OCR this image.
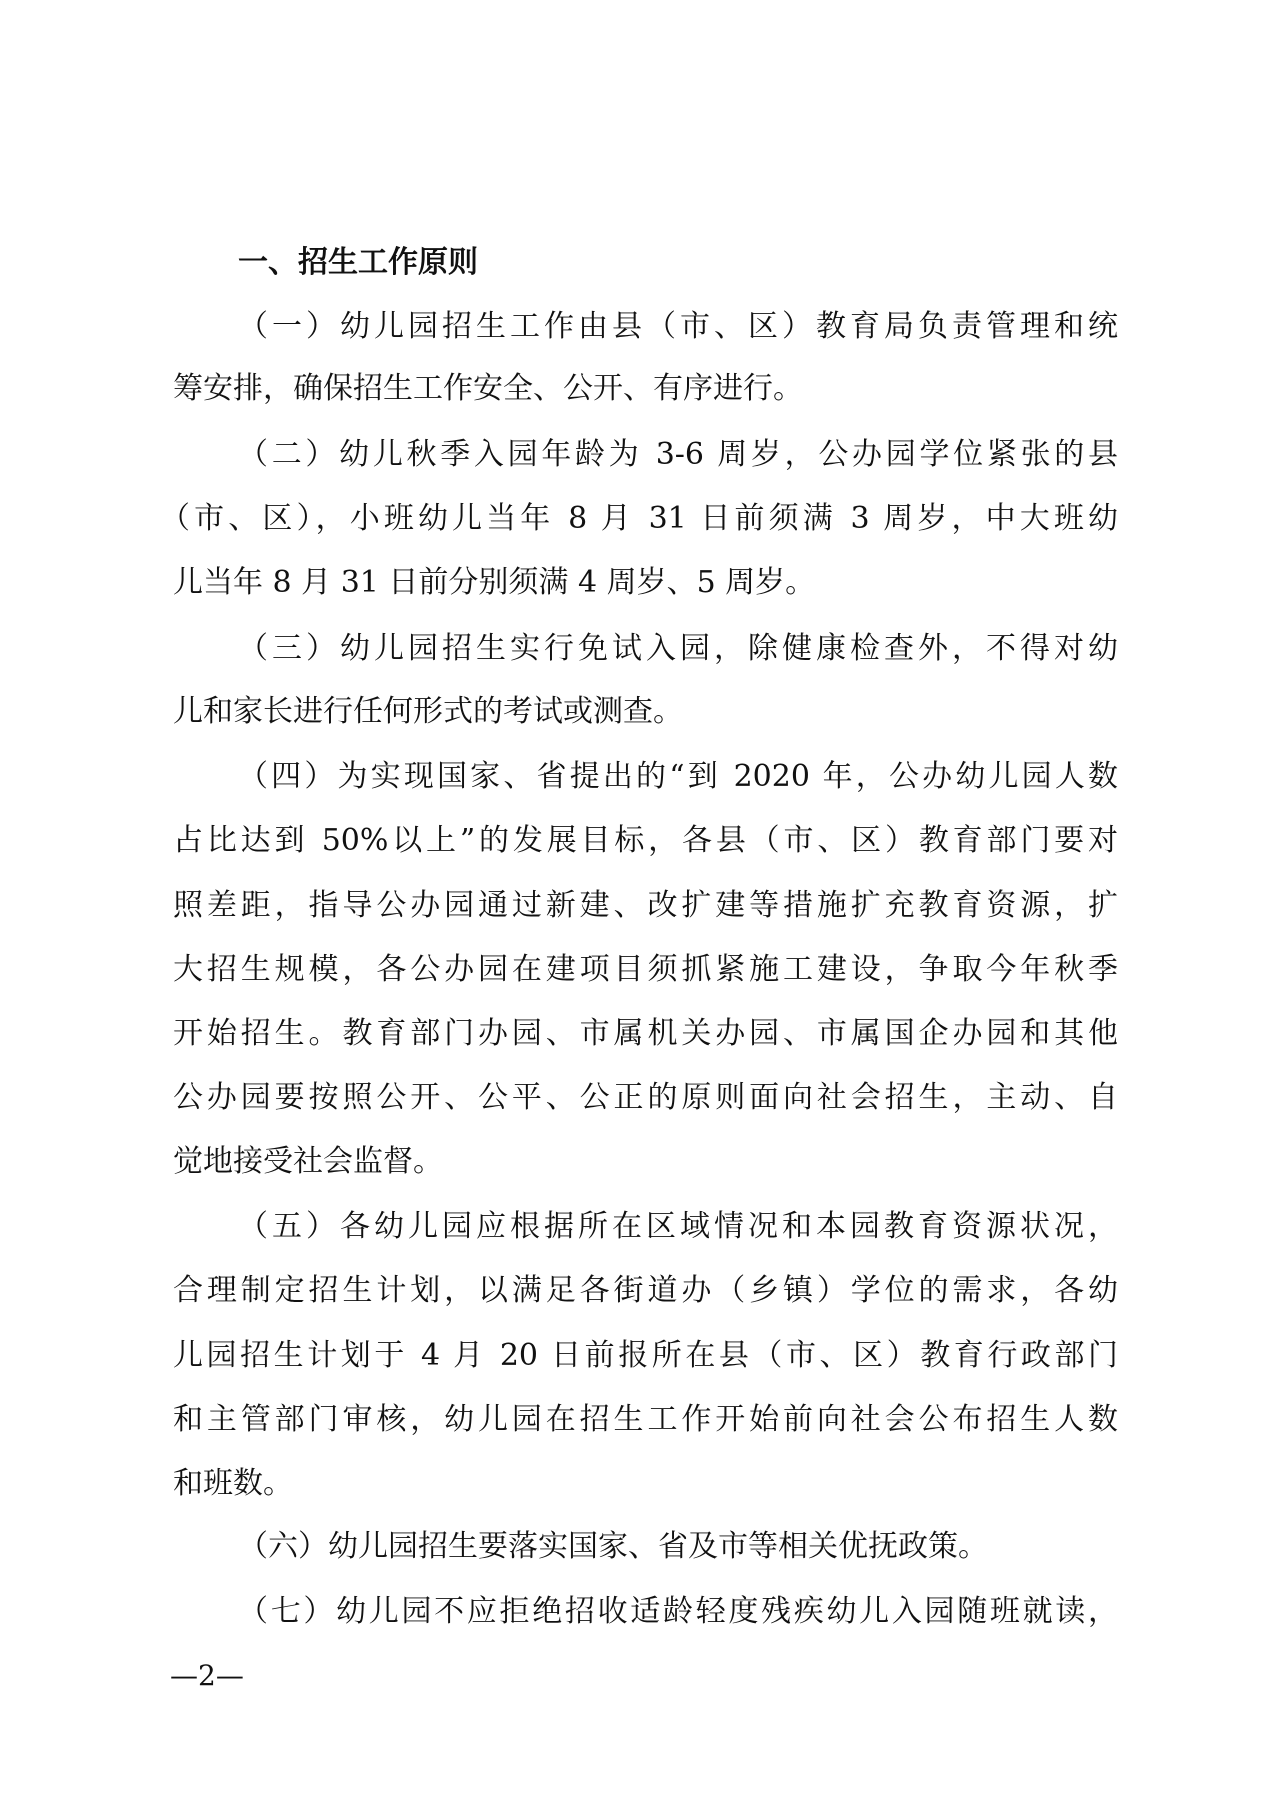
一、招生工作原则
（一）幼儿园招生工作由县（市、区）教育局负责管理和统
筹安排，确保招生工作安全、公开、有序进行。
（二）幼儿秋季入园年龄为 3-6 周岁，公办园学位紧张的县
（市、区），小班幼儿当年 8 月 31 日前须满 3 周岁，中大班幼
儿当年 8 月 31 日前分别须满 4 周岁、5 周岁。
（三）幼儿园招生实行免试入园，除健康检查外，不得对幼
儿和家长进行任何形式的考试或测查。
（四）为实现国家、省提出的“到 2020 年，公办幼儿园人数
占比达到 50%以上”的发展目标，各县（市、区）教育部门要对
照差距，指导公办园通过新建、改扩建等措施扩充教育资源，扩
大招生规模，各公办园在建项目须抓紧施工建设，争取今年秋季
开始招生。教育部门办园、市属机关办园、市属国企办园和其他
公办园要按照公开、公平、公正的原则面向社会招生，主动、自
觉地接受社会监督。
（五）各幼儿园应根据所在区域情况和本园教育资源状况，
合理制定招生计划，以满足各街道办（乡镇）学位的需求，各幼
儿园招生计划于 4 月 20 日前报所在县（市、区）教育行政部门
和主管部门审核，幼儿园在招生工作开始前向社会公布招生人数
和班数。
（六）幼儿园招生要落实国家、省及市等相关优抚政策。
（七）幼儿园不应拒绝招收适龄轻度残疾幼儿入园随班就读，
—2—
